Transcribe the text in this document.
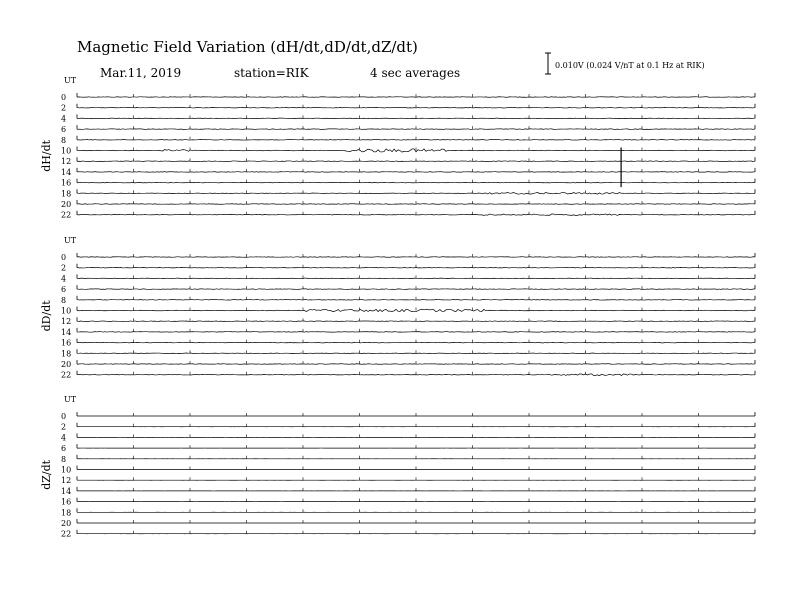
Magnetic Field Variation (dH/dt,dD/dt,dZ/dt)
Mar.11, 2019	station=RIK	4 sec averages
0.010V (0.024 V/nT at 0.1 Hz at RIK)
UT
dH/dt
0
2
4
6
8
10
12
14
16
18
20
22
UT
dD/dt
0
2
4
6
8
10
12
14
16
18
20
22
UT
dZ/dt
0
2
4
6
8
10
12
14
16
18
20
22
